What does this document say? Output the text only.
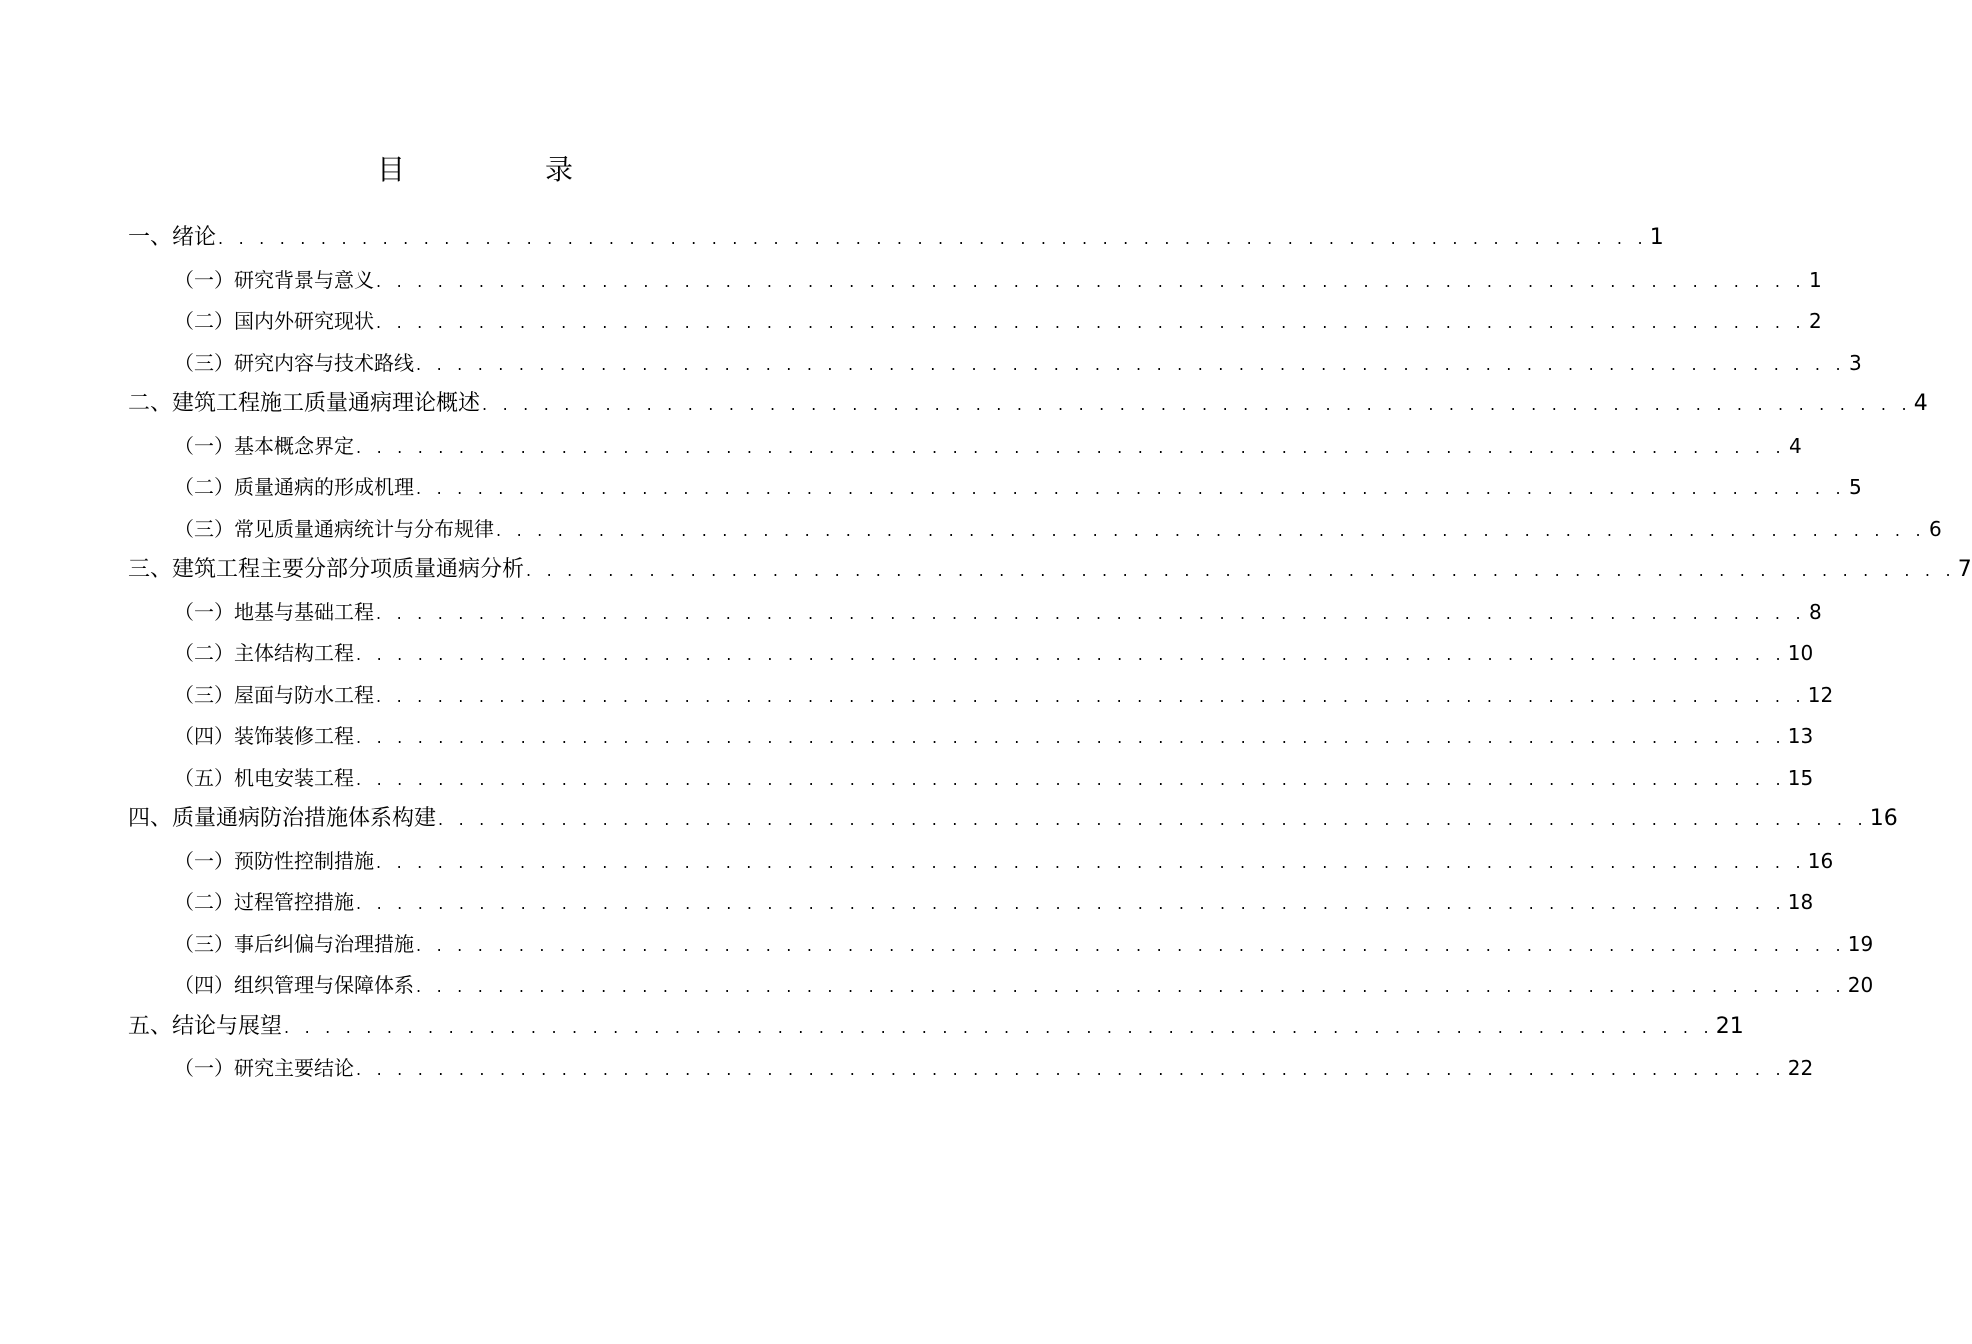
目　录
一、绪论 . . . . . . . . . . . . . . . . . . . . . . . . . . . . . . . . . . . . . . . . . . . . . . . . . . . . . . . . . . . . . . . . . . . . . . 1
（一）研究背景与意义 . . . . . . . . . . . . . . . . . . . . . . . . . . . . . . . . . . . . . . . . . . . . . . . . . . . . . . . . . . . . . . . . . . . . . . 1
（二）国内外研究现状 . . . . . . . . . . . . . . . . . . . . . . . . . . . . . . . . . . . . . . . . . . . . . . . . . . . . . . . . . . . . . . . . . . . . . . 2
（三）研究内容与技术路线 . . . . . . . . . . . . . . . . . . . . . . . . . . . . . . . . . . . . . . . . . . . . . . . . . . . . . . . . . . . . . . . . . . . . . . 3
二、建筑工程施工质量通病理论概述 . . . . . . . . . . . . . . . . . . . . . . . . . . . . . . . . . . . . . . . . . . . . . . . . . . . . . . . . . . . . . . . . . . . . . . 4
（一）基本概念界定 . . . . . . . . . . . . . . . . . . . . . . . . . . . . . . . . . . . . . . . . . . . . . . . . . . . . . . . . . . . . . . . . . . . . . . 4
（二）质量通病的形成机理 . . . . . . . . . . . . . . . . . . . . . . . . . . . . . . . . . . . . . . . . . . . . . . . . . . . . . . . . . . . . . . . . . . . . . . 5
（三）常见质量通病统计与分布规律 . . . . . . . . . . . . . . . . . . . . . . . . . . . . . . . . . . . . . . . . . . . . . . . . . . . . . . . . . . . . . . . . . . . . . . 6
三、建筑工程主要分部分项质量通病分析 . . . . . . . . . . . . . . . . . . . . . . . . . . . . . . . . . . . . . . . . . . . . . . . . . . . . . . . . . . . . . . . . . . . . . . 7
（一）地基与基础工程 . . . . . . . . . . . . . . . . . . . . . . . . . . . . . . . . . . . . . . . . . . . . . . . . . . . . . . . . . . . . . . . . . . . . . . 8
（二）主体结构工程 . . . . . . . . . . . . . . . . . . . . . . . . . . . . . . . . . . . . . . . . . . . . . . . . . . . . . . . . . . . . . . . . . . . . . . 10
（三）屋面与防水工程 . . . . . . . . . . . . . . . . . . . . . . . . . . . . . . . . . . . . . . . . . . . . . . . . . . . . . . . . . . . . . . . . . . . . . . 12
（四）装饰装修工程 . . . . . . . . . . . . . . . . . . . . . . . . . . . . . . . . . . . . . . . . . . . . . . . . . . . . . . . . . . . . . . . . . . . . . . 13
（五）机电安装工程 . . . . . . . . . . . . . . . . . . . . . . . . . . . . . . . . . . . . . . . . . . . . . . . . . . . . . . . . . . . . . . . . . . . . . . 15
四、质量通病防治措施体系构建 . . . . . . . . . . . . . . . . . . . . . . . . . . . . . . . . . . . . . . . . . . . . . . . . . . . . . . . . . . . . . . . . . . . . . . 16
（一）预防性控制措施 . . . . . . . . . . . . . . . . . . . . . . . . . . . . . . . . . . . . . . . . . . . . . . . . . . . . . . . . . . . . . . . . . . . . . . 16
（二）过程管控措施 . . . . . . . . . . . . . . . . . . . . . . . . . . . . . . . . . . . . . . . . . . . . . . . . . . . . . . . . . . . . . . . . . . . . . . 18
（三）事后纠偏与治理措施 . . . . . . . . . . . . . . . . . . . . . . . . . . . . . . . . . . . . . . . . . . . . . . . . . . . . . . . . . . . . . . . . . . . . . . 19
（四）组织管理与保障体系 . . . . . . . . . . . . . . . . . . . . . . . . . . . . . . . . . . . . . . . . . . . . . . . . . . . . . . . . . . . . . . . . . . . . . . 20
五、结论与展望 . . . . . . . . . . . . . . . . . . . . . . . . . . . . . . . . . . . . . . . . . . . . . . . . . . . . . . . . . . . . . . . . . . . . . . 21
（一）研究主要结论 . . . . . . . . . . . . . . . . . . . . . . . . . . . . . . . . . . . . . . . . . . . . . . . . . . . . . . . . . . . . . . . . . . . . . . 22
